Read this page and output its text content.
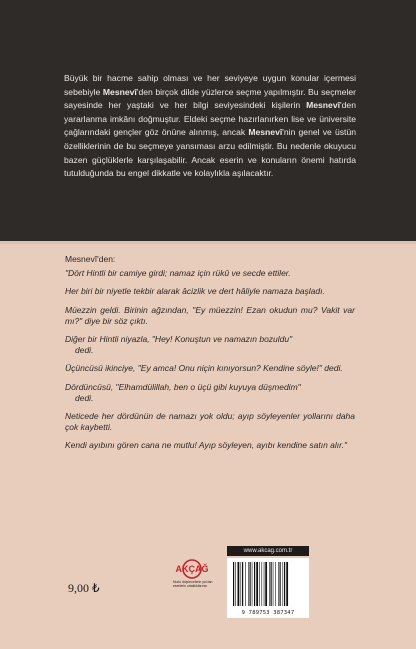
Büyük bir hacme sahip olması ve her seviyeye uygun konular içermesi sebebiyle Mesnevî'den birçok dilde yüzlerce seçme yapılmıştır. Bu seçmeler sayesinde her yaştaki ve her bilgi seviyesindeki kişilerin Mesnevî'den yararlanma imkânı doğmuştur. Eldeki seçme hazırlanırken lise ve üniversite çağlarındaki gençler göz önüne alınmış, ancak Mesnevî'nin genel ve üstün özelliklerinin de bu seçmeye yansıması arzu edilmiştir. Bu nedenle okuyucu bazen güçlüklerle karşılaşabilir. Ancak eserin ve konuların önemi hatırda tutulduğunda bu engel dikkatle ve kolaylıkla aşılacaktır.

Mesnevî'den:
"Dört Hintli bir camiye girdi; namaz için rükû ve secde ettiler.
Her biri bir niyetle tekbir alarak âcizlik ve dert hâliyle namaza başladı.
Müezzin geldi. Birinin ağzından, "Ey müezzin! Ezan okudun mu? Vakit var mı?" diye bir söz çıktı.
Diğer bir Hintli niyazla, "Hey! Konuştun ve namazın bozuldu"
dedi.
Üçüncüsü ikinciye, "Ey amca! Onu niçin kınıyorsun? Kendine söyle!" dedi.
Dördüncüsü, "Elhamdülillah, ben o üçü gibi kuyuya düşmedim"
dedi.
Neticede her dördünün de namazı yok oldu; ayıp söyleyenler yollarını daha çok kaybetti.
Kendi ayıbını gören cana ne mutlu! Ayıp söyleyen, ayıbı kendine satın alır."
9,00 ₺
AKÇAĞ
Nurlu düşüncelerin yol-tan eserlerin ortaklıklarının
www.akcag.com.tr
9 789753 387347
